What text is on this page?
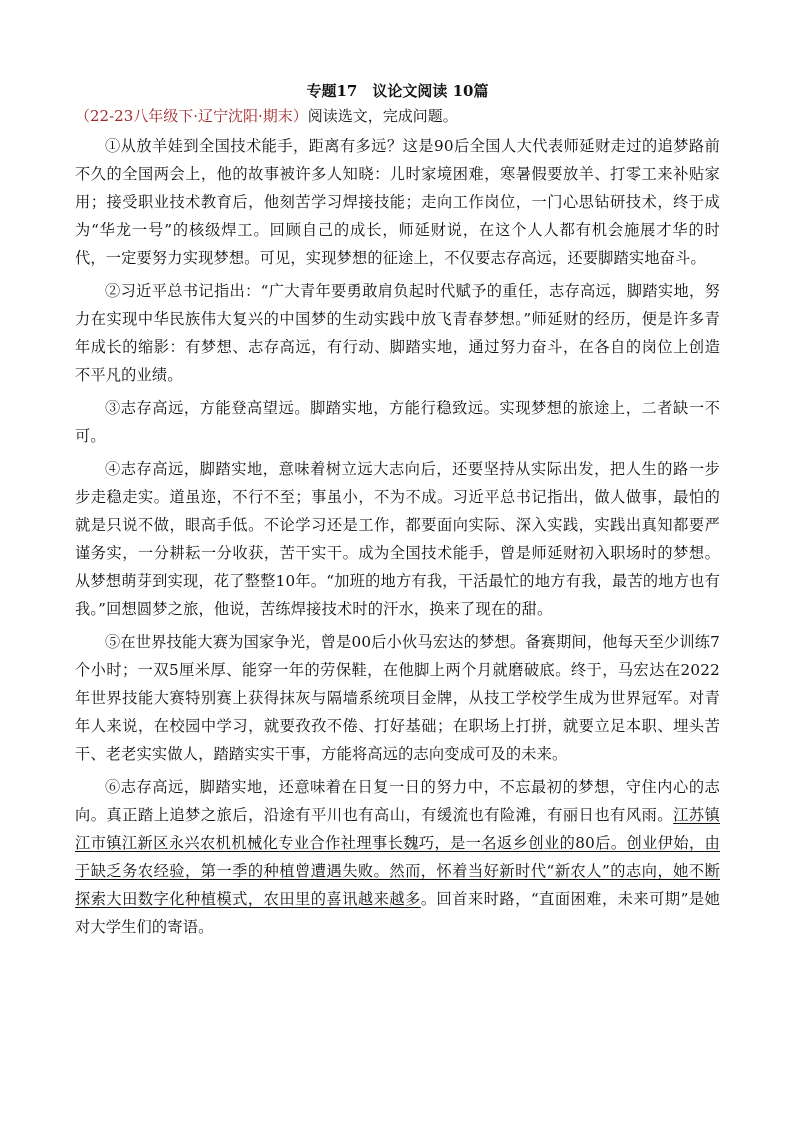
专题17　议论文阅读 10篇
（22-23八年级下·辽宁沈阳·期末）阅读选文，完成问题。

①从放羊娃到全国技术能手，距离有多远？这是90后全国人大代表师延财走过的追梦路前不久的全国两会上，他的故事被许多人知晓：儿时家境困难，寒暑假要放羊、打零工来补贴家用；接受职业技术教育后，他刻苦学习焊接技能；走向工作岗位，一门心思钻研技术，终于成为“华龙一号”的核级焊工。回顾自己的成长，师延财说，在这个人人都有机会施展才华的时代，一定要努力实现梦想。可见，实现梦想的征途上，不仅要志存高远，还要脚踏实地奋斗。

②习近平总书记指出：“广大青年要勇敢肩负起时代赋予的重任，志存高远，脚踏实地，努力在实现中华民族伟大复兴的中国梦的生动实践中放飞青春梦想。”师延财的经历，便是许多青年成长的缩影：有梦想、志存高远，有行动、脚踏实地，通过努力奋斗，在各自的岗位上创造不平凡的业绩。

③志存高远，方能登高望远。脚踏实地，方能行稳致远。实现梦想的旅途上，二者缺一不可。

④志存高远，脚踏实地，意味着树立远大志向后，还要坚持从实际出发，把人生的路一步步走稳走实。道虽迩，不行不至；事虽小，不为不成。习近平总书记指出，做人做事，最怕的就是只说不做，眼高手低。不论学习还是工作，都要面向实际、深入实践，实践出真知都要严谨务实，一分耕耘一分收获，苦干实干。成为全国技术能手，曾是师延财初入职场时的梦想。从梦想萌芽到实现，花了整整10年。“加班的地方有我，干活最忙的地方有我，最苦的地方也有我。”回想圆梦之旅，他说，苦练焊接技术时的汗水，换来了现在的甜。

⑤在世界技能大赛为国家争光，曾是00后小伙马宏达的梦想。备赛期间，他每天至少训练7个小时；一双5厘米厚、能穿一年的劳保鞋，在他脚上两个月就磨破底。终于，马宏达在2022年世界技能大赛特别赛上获得抹灰与隔墙系统项目金牌，从技工学校学生成为世界冠军。对青年人来说，在校园中学习，就要孜孜不倦、打好基础；在职场上打拼，就要立足本职、埋头苦干、老老实实做人，踏踏实实干事，方能将高远的志向变成可及的未来。

⑥志存高远，脚踏实地，还意味着在日复一日的努力中，不忘最初的梦想，守住内心的志向。真正踏上追梦之旅后，沿途有平川也有高山，有缓流也有险滩，有丽日也有风雨。江苏镇江市镇江新区永兴农机机械化专业合作社理事长魏巧，是一名返乡创业的80后。创业伊始，由于缺乏务农经验，第一季的种植曾遭遇失败。然而，怀着当好新时代“新农人”的志向，她不断探索大田数字化种植模式，农田里的喜讯越来越多。回首来时路，“直面困难，未来可期”是她对大学生们的寄语。
